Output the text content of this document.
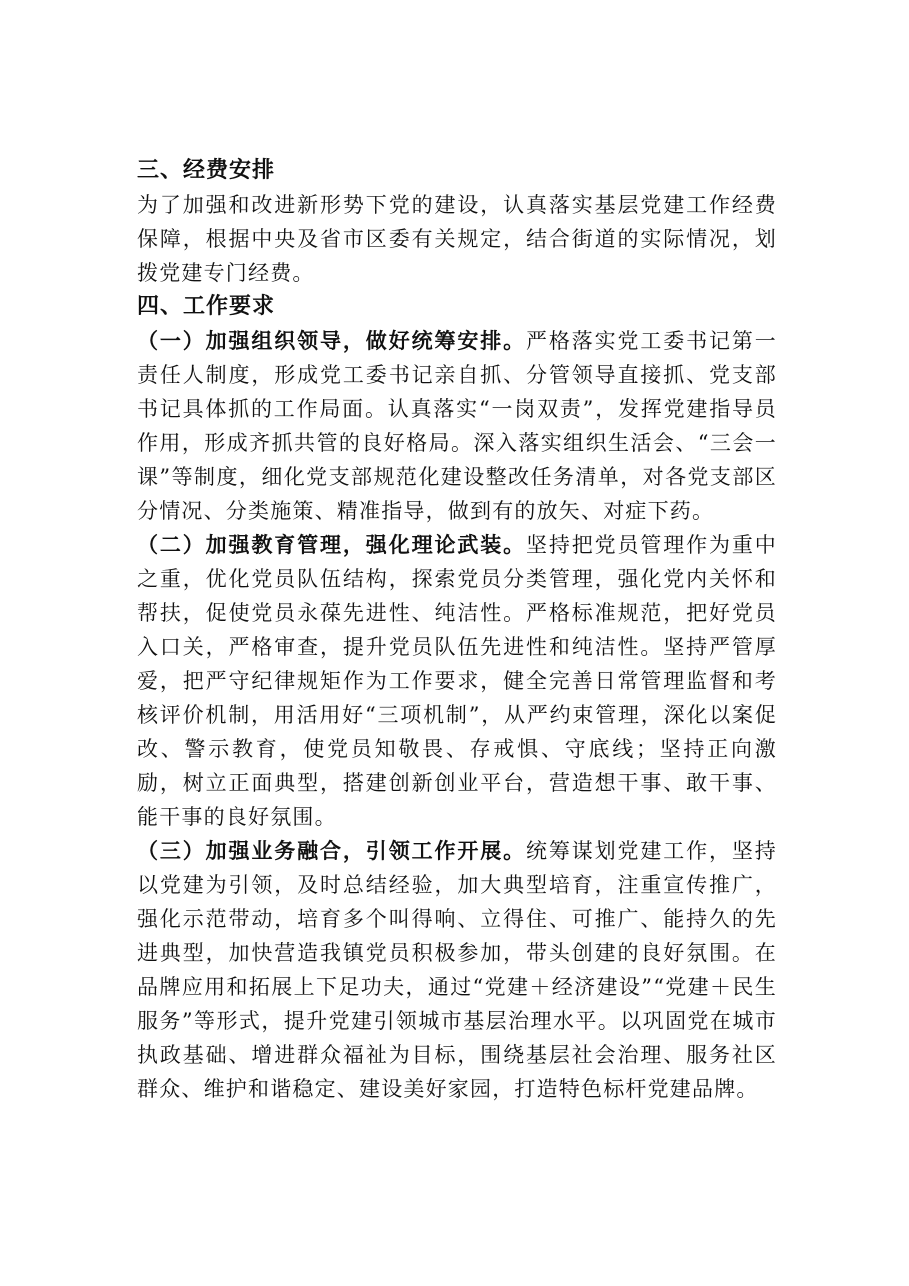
三、经费安排

为了加强和改进新形势下党的建设，认真落实基层党建工作经费保障，根据中央及省市区委有关规定，结合街道的实际情况，划拨党建专门经费。

四、工作要求

（一）加强组织领导，做好统筹安排。严格落实党工委书记第一责任人制度，形成党工委书记亲自抓、分管领导直接抓、党支部书记具体抓的工作局面。认真落实“一岗双责”，发挥党建指导员作用，形成齐抓共管的良好格局。深入落实组织生活会、“三会一课”等制度，细化党支部规范化建设整改任务清单，对各党支部区分情况、分类施策、精准指导，做到有的放矢、对症下药。

（二）加强教育管理，强化理论武装。坚持把党员管理作为重中之重，优化党员队伍结构，探索党员分类管理，强化党内关怀和帮扶，促使党员永葆先进性、纯洁性。严格标准规范，把好党员入口关，严格审查，提升党员队伍先进性和纯洁性。坚持严管厚爱，把严守纪律规矩作为工作要求，健全完善日常管理监督和考核评价机制，用活用好“三项机制”，从严约束管理，深化以案促改、警示教育，使党员知敬畏、存戒惧、守底线；坚持正向激励，树立正面典型，搭建创新创业平台，营造想干事、敢干事、能干事的良好氛围。

（三）加强业务融合，引领工作开展。统筹谋划党建工作，坚持以党建为引领，及时总结经验，加大典型培育，注重宣传推广，强化示范带动，培育多个叫得响、立得住、可推广、能持久的先进典型，加快营造我镇党员积极参加，带头创建的良好氛围。在品牌应用和拓展上下足功夫，通过“党建＋经济建设”“党建＋民生服务”等形式，提升党建引领城市基层治理水平。以巩固党在城市执政基础、增进群众福祉为目标，围绕基层社会治理、服务社区群众、维护和谐稳定、建设美好家园，打造特色标杆党建品牌。
